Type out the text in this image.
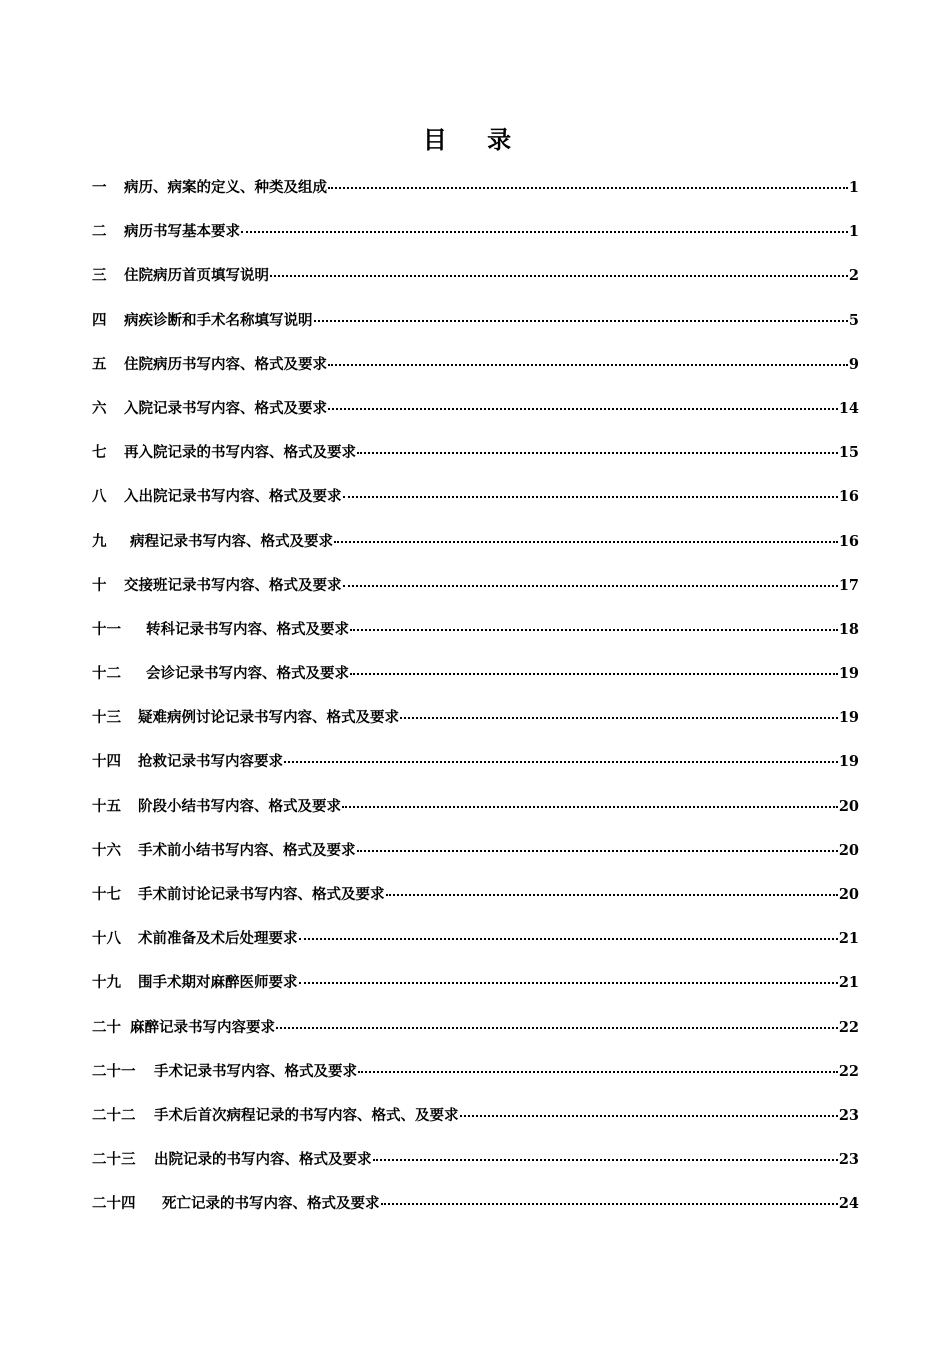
目 录
一	病历、病案的定义、种类及组成	1
二	病历书写基本要求	1
三	住院病历首页填写说明	2
四	病疾诊断和手术名称填写说明	5
五	住院病历书写内容、格式及要求	9
六	入院记录书写内容、格式及要求	14
七	再入院记录的书写内容、格式及要求	15
八	入出院记录书写内容、格式及要求	16
九	病程记录书写内容、格式及要求	16
十	交接班记录书写内容、格式及要求	17
十一	转科记录书写内容、格式及要求	18
十二	会诊记录书写内容、格式及要求	19
十三	疑难病例讨论记录书写内容、格式及要求	19
十四	抢救记录书写内容要求	19
十五	阶段小结书写内容、格式及要求	20
十六	手术前小结书写内容、格式及要求	20
十七	手术前讨论记录书写内容、格式及要求	20
十八	术前准备及术后处理要求	21
十九	围手术期对麻醉医师要求	21
二十 麻醉记录书写内容要求	22
二十一	手术记录书写内容、格式及要求	22
二十二	手术后首次病程记录的书写内容、格式、及要求	23
二十三	出院记录的书写内容、格式及要求	23
二十四	死亡记录的书写内容、格式及要求	24
